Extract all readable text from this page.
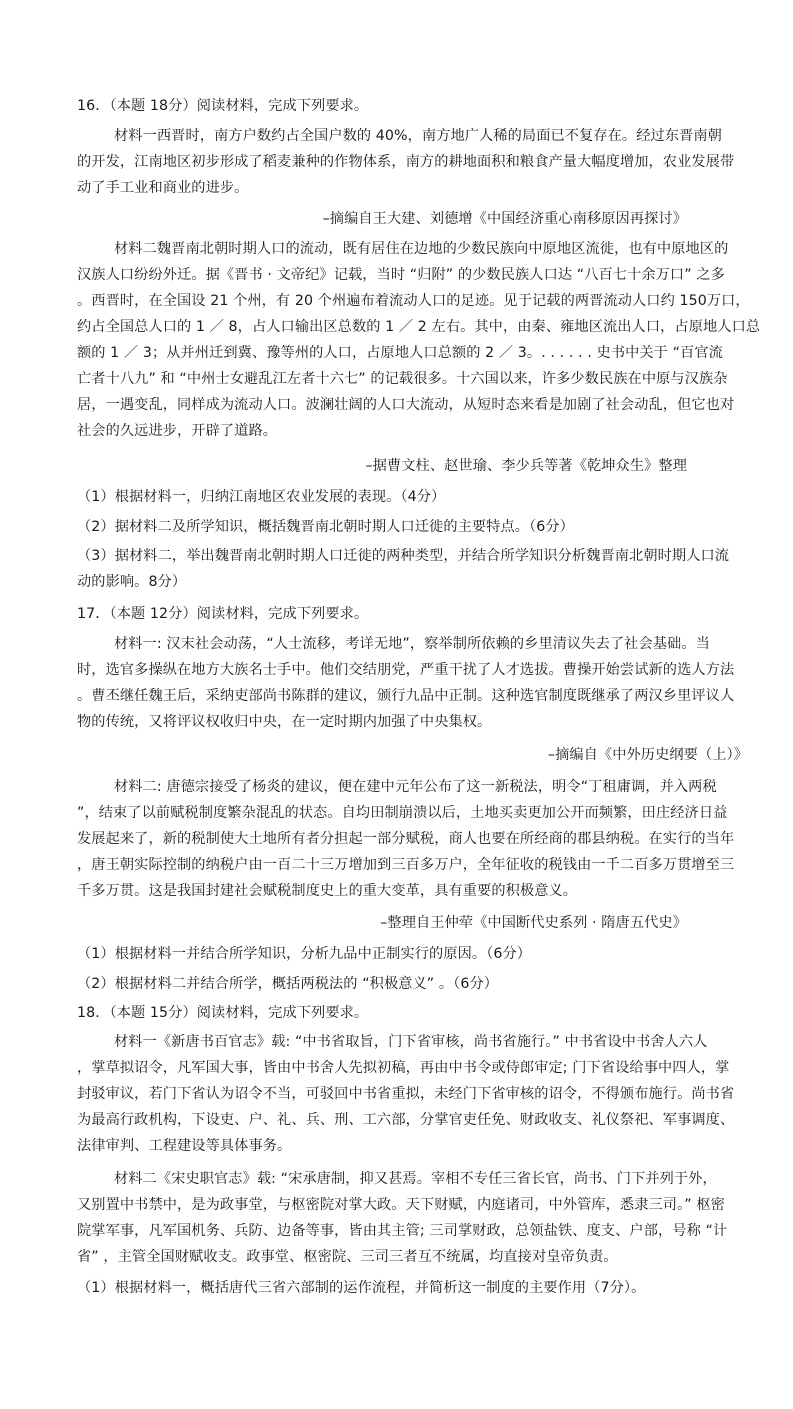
16．（本题 18分）阅读材料，完成下列要求。
材料一西晋时，南方户数约占全国户数的 40%，南方地广人稀的局面已不复存在。经过东晋南朝
的开发，江南地区初步形成了稻麦兼种的作物体系，南方的耕地面积和粮食产量大幅度增加，农业发展带
动了手工业和商业的进步。
–摘编自王大建、刘德增《中国经济重心南移原因再探讨》
材料二魏晋南北朝时期人口的流动，既有居住在边地的少数民族向中原地区流徙，也有中原地区的
汉族人口纷纷外迁。据《晋书 · 文帝纪》记载，当时 “归附” 的少数民族人口达 “八百七十余万口” 之多
。西晋时，在全国设 21 个州，有 20 个州遍布着流动人口的足迹。见于记载的两晋流动人口约 150万口，
约占全国总人口的 1 ／ 8，占人口输出区总数的 1 ／ 2 左右。其中，由秦、雍地区流出人口，占原地人口总
额的 1 ／ 3；从并州迁到冀、豫等州的人口，占原地人口总额的 2 ／ 3。. . . . . . 史书中关于 “百官流
亡者十八九” 和 “中州士女避乱江左者十六七” 的记载很多。十六国以来，许多少数民族在中原与汉族杂
居，一遇变乱，同样成为流动人口。波澜壮阔的人口大流动，从短时态来看是加剧了社会动乱，但它也对
社会的久远进步，开辟了道路。
–据曹文柱、赵世瑜、李少兵等著《乾坤众生》整理
（1）根据材料一，归纳江南地区农业发展的表现。（4分）
（2）据材料二及所学知识，概括魏晋南北朝时期人口迁徙的主要特点。（6分）
（3）据材料二，举出魏晋南北朝时期人口迁徙的两种类型，并结合所学知识分析魏晋南北朝时期人口流
动的影响。8分）
17．（本题 12分）阅读材料，完成下列要求。
材料一: 汉末社会动荡，“人士流移，考详无地”，察举制所依赖的乡里清议失去了社会基础。当
时，选官多操纵在地方大族名士手中。他们交结朋党，严重干扰了人才选拔。曹操开始尝试新的选人方法
。曹丕继任魏王后，采纳吏部尚书陈群的建议，颁行九品中正制。这种选官制度既继承了两汉乡里评议人
物的传统，又将评议权收归中央，在一定时期内加强了中央集权。
–摘编自《中外历史纲要（上）》
材料二: 唐德宗接受了杨炎的建议，便在建中元年公布了这一新税法，明令“丁租庸调，并入两税
”，结束了以前赋税制度繁杂混乱的状态。自均田制崩溃以后，土地买卖更加公开而频繁，田庄经济日益
发展起来了，新的税制使大土地所有者分担起一部分赋税，商人也要在所经商的郡县纳税。在实行的当年
，唐王朝实际控制的纳税户由一百二十三万增加到三百多万户，全年征收的税钱由一千二百多万贯增至三
千多万贯。这是我国封建社会赋税制度史上的重大变革，具有重要的积极意义。
–整理自王仲荦《中国断代史系列 · 隋唐五代史》
（1）根据材料一并结合所学知识，分析九品中正制实行的原因。（6分）
（2）根据材料二并结合所学，概括两税法的 “积极意义” 。（6分）
18．（本题 15分）阅读材料，完成下列要求。
材料一《新唐书百官志》载: “中书省取旨，门下省审核，尚书省施行。” 中书省设中书舍人六人
，掌草拟诏令，凡军国大事，皆由中书舍人先拟初稿，再由中书令或侍郎审定; 门下省设给事中四人，掌
封驳审议，若门下省认为诏令不当，可驳回中书省重拟，未经门下省审核的诏令，不得颁布施行。尚书省
为最高行政机构，下设吏、户、礼、兵、刑、工六部，分掌官吏任免、财政收支、礼仪祭祀、军事调度、
法律审判、工程建设等具体事务。
材料二《宋史职官志》载: “宋承唐制，抑又甚焉。宰相不专任三省长官，尚书、门下并列于外，
又别置中书禁中，是为政事堂，与枢密院对掌大政。天下财赋，内庭诸司，中外管库，悉隶三司。” 枢密
院掌军事，凡军国机务、兵防、边备等事，皆由其主管; 三司掌财政，总领盐铁、度支、户部，号称 “计
省” ，主管全国财赋收支。政事堂、枢密院、三司三者互不统属，均直接对皇帝负责。
（1）根据材料一，概括唐代三省六部制的运作流程，并简析这一制度的主要作用（7分）。
